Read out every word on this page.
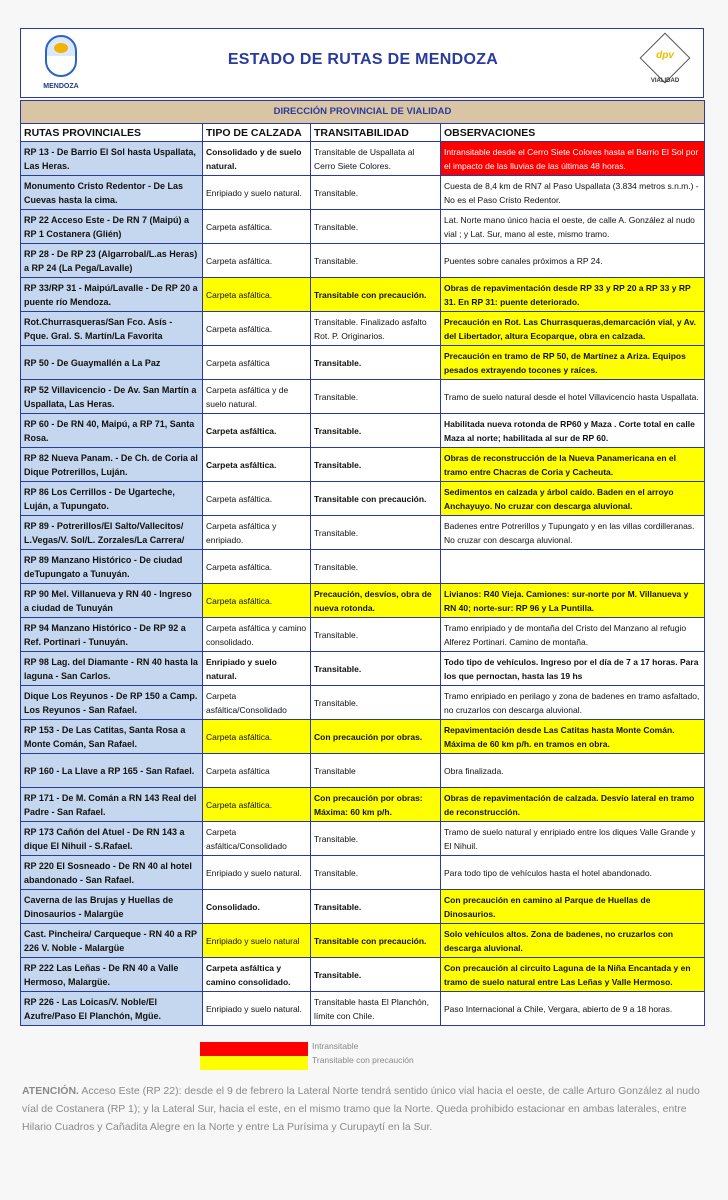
MENDOZA
ESTADO DE RUTAS DE MENDOZA	dpv
VIALIDAD
DIRECCIÓN PROVINCIAL DE VIALIDAD			
RUTAS PROVINCIALES	TIPO DE CALZADA	TRANSITABILIDAD	OBSERVACIONES
RP 13 - De Barrio El Sol hasta Uspallata, Las Heras.	Consolidado y de suelo natural.	Transitable de Uspallata al Cerro Siete Colores.	Intransitable desde el Cerro Siete Colores hasta el Barrio El Sol por el impacto de las lluvias de las últimas 48 horas.
Monumento Cristo Redentor - De Las Cuevas hasta la cima.	Enripiado y suelo natural.	Transitable.	Cuesta de 8,4 km de RN7 al Paso Uspallata (3.834 metros s.n.m.) - No es el Paso Cristo Redentor.
RP 22 Acceso Este - De RN 7 (Maipú) a RP 1 Costanera (Glién)	Carpeta asfáltica.	Transitable.	Lat. Norte mano único hacia el oeste, de calle A. González al nudo vial ; y Lat. Sur, mano al este, mismo tramo.
RP 28 - De RP 23 (Algarrobal/L.as Heras) a RP 24 (La Pega/Lavalle)	Carpeta asfáltica.	Transitable.	Puentes sobre canales próximos a RP 24.
RP 33/RP 31 - Maipú/Lavalle - De RP 20 a puente río Mendoza.	Carpeta asfáltica.	Transitable con precaución.	Obras de repavimentación desde RP 33 y RP 20 a RP 33 y RP 31. En RP 31: puente deteriorado.
Rot.Churrasqueras/San Fco. Asís - Pque. Gral. S. Martín/La Favorita	Carpeta asfáltica.	Transitable. Finalizado asfalto Rot. P. Originarios.	Precaución en Rot. Las Churrasqueras,demarcación vial, y Av. del Libertador, altura Ecoparque, obra en calzada.
RP 50 - De Guaymallén a La Paz	Carpeta asfáltica	Transitable.	Precaución en tramo de RP 50, de Martínez a Ariza. Equipos pesados extrayendo tocones y raíces.
RP 52 Villavicencio - De Av. San Martín a Uspallata, Las Heras.	Carpeta asfáltica y de suelo natural.	Transitable.	Tramo de suelo natural desde el hotel Villavicencio hasta Uspallata.
RP 60 - De RN 40, Maipú, a RP 71, Santa Rosa.	Carpeta asfáltica.	Transitable.	Habilitada nueva rotonda de RP60 y Maza . Corte total en calle Maza al norte; habilitada al sur de RP 60.
RP 82 Nueva Panam. - De Ch. de Coria al Dique Potrerillos, Luján.	Carpeta asfáltica.	Transitable.	Obras de reconstrucción de la Nueva Panamericana en el tramo entre Chacras de Coria y Cacheuta.
RP 86 Los Cerrillos - De Ugarteche, Luján, a Tupungato.	Carpeta asfáltica.	Transitable con precaución.	Sedimentos en calzada y árbol caído. Baden en el arroyo Anchayuyo. No cruzar con descarga aluvional.
RP 89 - Potrerillos/El Salto/Vallecitos/ L.Vegas/V. Sol/L. Zorzales/La Carrera/	Carpeta asfáltica y enripiado.	Transitable.	Badenes entre Potrerillos y Tupungato y en las villas cordilleranas. No cruzar con descarga aluvional.
RP 89 Manzano Histórico - De ciudad deTupungato a Tunuyán.	Carpeta asfáltica.	Transitable.	
RP 90 Mel. Villanueva y RN 40 - Ingreso a ciudad de Tunuyán	Carpeta asfáltica.	Precaución, desvíos, obra de nueva rotonda.	Livianos: R40 Vieja. Camiones: sur-norte por M. Villanueva y RN 40; norte-sur: RP 96 y La Puntilla.
RP 94 Manzano Histórico - De RP 92 a Ref. Portinari - Tunuyán.	Carpeta asfáltica y camino consolidado.	Transitable.	Tramo enripiado y de montaña del Cristo del Manzano al refugio Alferez Portinari. Camino de montaña.
RP 98 Lag. del Diamante - RN 40 hasta la laguna - San Carlos.	Enripiado y suelo natural.	Transitable.	Todo tipo de vehículos. Ingreso por el día de 7 a 17 horas. Para los que pernoctan, hasta las 19 hs
Dique Los Reyunos - De RP 150 a Camp. Los Reyunos - San Rafael.	Carpeta asfáltica/Consolidado	Transitable.	Tramo enripiado en perilago y zona de badenes en tramo asfaltado, no cruzarlos con descarga aluvional.
RP 153 - De Las Catitas, Santa Rosa a Monte Comán, San Rafael.	Carpeta asfáltica.	Con precaución por obras.	Repavimentación desde Las Catitas hasta Monte Comán. Máxima de 60 km p/h. en tramos en obra.
RP 160 - La Llave a RP 165 - San Rafael.	Carpeta asfáltica	Transitable	Obra finalizada.
RP 171 - De M. Comán a RN 143 Real del Padre - San Rafael.	Carpeta asfáltica.	Con precaución por obras: Máxima: 60 km p/h.	Obras de repavimentación de calzada. Desvío lateral en tramo de reconstrucción.
RP 173 Cañón del Atuel - De RN 143 a dique El Nihuil - S.Rafael.	Carpeta asfáltica/Consolidado	Transitable.	Tramo de suelo natural y enripiado entre los diques Valle Grande y El Nihuil.
RP 220 El Sosneado - De RN 40 al hotel abandonado - San Rafael.	Enripiado y suelo natural.	Transitable.	Para todo tipo de vehículos hasta el hotel abandonado.
Caverna de las Brujas y Huellas de Dinosaurios - Malargüe	Consolidado.	Transitable.	Con precaución en camino al Parque de Huellas de Dinosaurios.
Cast. Pincheira/ Carqueque - RN 40 a RP 226 V. Noble - Malargüe	Enripiado y suelo natural	Transitable con precaución.	Solo vehículos altos. Zona de badenes, no cruzarlos con descarga aluvional.
RP 222 Las Leñas - De RN 40 a Valle Hermoso, Malargüe.	Carpeta asfáltica y camino consolidado.	Transitable.	Con precaución al circuito Laguna de la Niña Encantada y en tramo de suelo natural entre Las Leñas y Valle Hermoso.
RP 226 - Las Loicas/V. Noble/El Azufre/Paso El Planchón, Mgüe.	Enripiado y suelo natural.	Transitable hasta El Planchón, límite con Chile.	Paso Internacional a Chile, Vergara, abierto de 9 a 18 horas.
Intransitable
Transitable con precaución
ATENCIÓN. Acceso Este (RP 22): desde el 9 de febrero la Lateral Norte tendrá sentido único vial hacia el oeste, de calle Arturo González al nudo víal de Costanera (RP 1); y la Lateral Sur, hacia el este, en el mismo tramo que la Norte. Queda prohibido estacionar en ambas laterales, entre Hilario Cuadros y Cañadita Alegre en la Norte y entre La Purísima y Curupaytí en la Sur.
